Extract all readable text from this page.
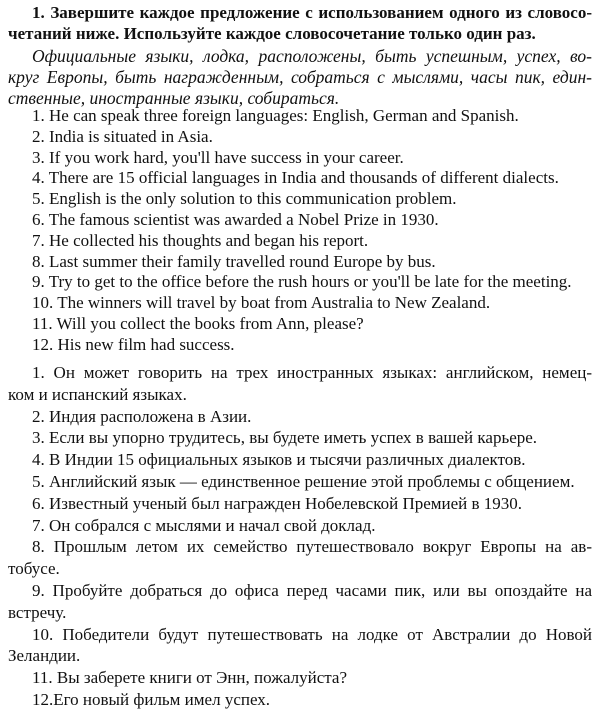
1. Завершите каждое предложение с использованием одного из словосо-
четаний ниже. Используйте каждое словосочетание только один раз.
Официальные языки, лодка, расположены, быть успешным, успех, во-
круг Европы, быть награжденным, собраться с мыслями, часы пик, един-
ственные, иностранные языки, собираться.
1. He can speak three foreign languages: English, German and Spanish.
2. India is situated in Asia.
3. If you work hard, you'll have success in your career.
4. There are 15 official languages in India and thousands of different dialects.
5. English is the only solution to this communication problem.
6. The famous scientist was awarded a Nobel Prize in 1930.
7. He collected his thoughts and began his report.
8. Last summer their family travelled round Europe by bus.
9. Try to get to the office before the rush hours or you'll be late for the meeting.
10. The winners will travel by boat from Australia to New Zealand.
11. Will you collect the books from Ann, please?
12. His new film had success.
1. Он может говорить на трех иностранных языках: английском, немец-
ком и испанский языках.
2. Индия расположена в Азии.
3. Если вы упорно трудитесь, вы будете иметь успех в вашей карьере.
4. В Индии 15 официальных языков и тысячи различных диалектов.
5. Английский язык — единственное решение этой проблемы с общением.
6. Известный ученый был награжден Нобелевской Премией в 1930.
7. Он собрался с мыслями и начал свой доклад.
8. Прошлым летом их семейство путешествовало вокруг Европы на ав-
тобусе.
9. Пробуйте добраться до офиса перед часами пик, или вы опоздайте на
встречу.
10. Победители будут путешествовать на лодке от Австралии до Новой
Зеландии.
11. Вы заберете книги от Энн, пожалуйста?
12.Его новый фильм имел успех.
